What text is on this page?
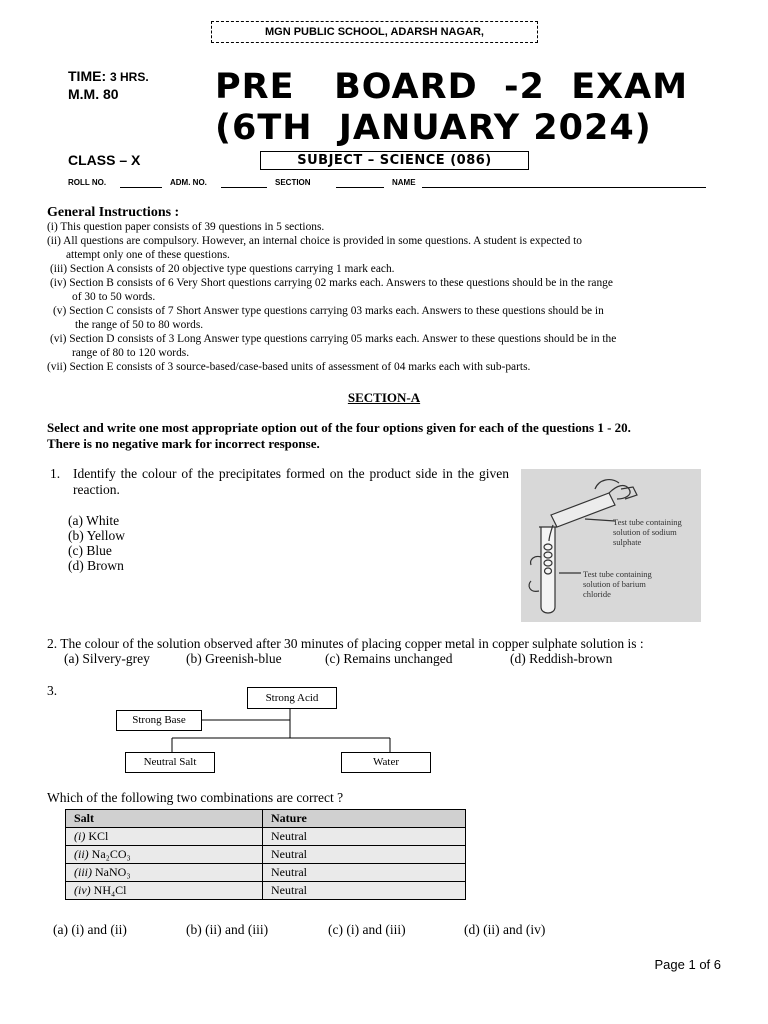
MGN PUBLIC SCHOOL, ADARSH NAGAR,
TIME: 3 HRS.
M.M. 80	PRE   BOARD  -2  EXAM
(6TH  JANUARY 2024)
CLASS – X	SUBJECT – SCIENCE (086)
ROLL NO.	ADM. NO.	SECTION	NAME
General Instructions :
(i) This question paper consists of 39 questions in 5 sections.
(ii) All questions are compulsory. However, an internal choice is provided in some questions. A student is expected to
attempt only one of these questions.
(iii) Section A consists of 20 objective type questions carrying 1 mark each.
(iv) Section B consists of 6 Very Short questions carrying 02 marks each. Answers to these questions should be in the range
of 30 to 50 words.
(v) Section C consists of 7 Short Answer type questions carrying 03 marks each. Answers to these questions should be in
the range of 50 to 80 words.
(vi) Section D consists of 3 Long Answer type questions carrying 05 marks each. Answer to these questions should be in the
range of 80 to 120 words.
(vii) Section E consists of 3 source-based/case-based units of assessment of 04 marks each with sub-parts.
SECTION-A
Select and write one most appropriate option out of the four options given for each of the questions 1 - 20.
There is no negative mark for incorrect response.
1. Identify the colour of the precipitates formed on the product side in the given reaction.
(a) White
(b) Yellow
(c) Blue
(d) Brown
Test tube containing
solution of sodium
sulphate
Test tube containing
solution of barium
chloride
2. The colour of the solution observed after 30 minutes of placing copper metal in copper sulphate solution is :
(a) Silvery-grey	(b) Greenish-blue	(c) Remains unchanged	(d) Reddish-brown
3.	Strong Acid
Strong Base
Neutral Salt	Water
Which of the following two combinations are correct ?
Salt	Nature
(i) KCl	Neutral
(ii) Na₂CO₃	Neutral
(iii) NaNO₃	Neutral
(iv) NH₄Cl	Neutral
(a) (i) and (ii)	(b) (ii) and (iii)	(c) (i) and (iii)	(d) (ii) and (iv)
Page 1 of 6
